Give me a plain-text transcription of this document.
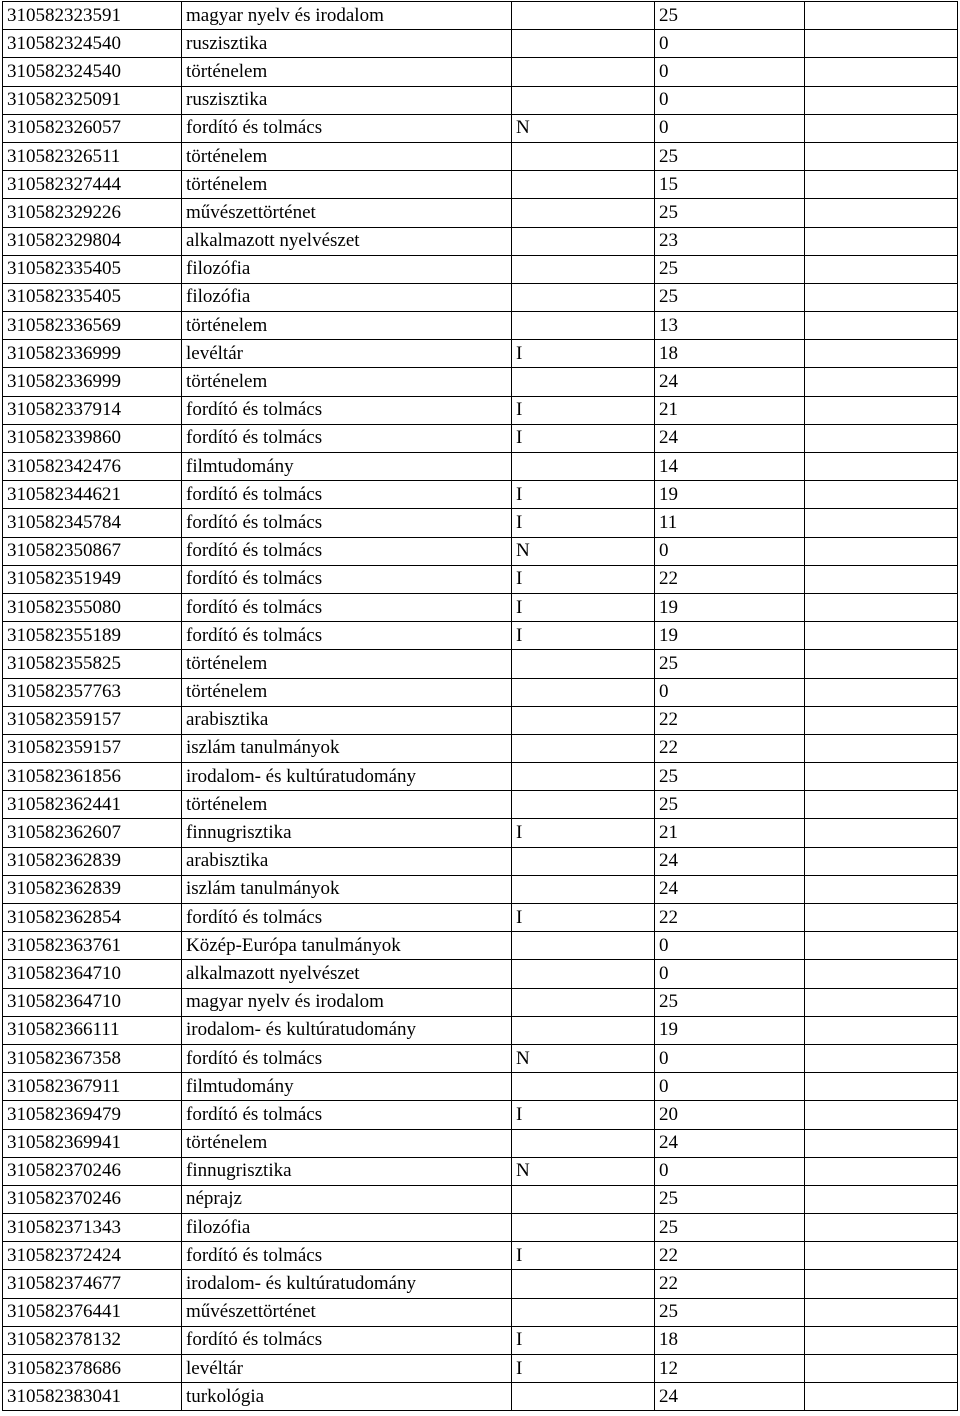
310582323591	magyar nyelv és irodalom		25	
310582324540	ruszisztika		0	
310582324540	történelem		0	
310582325091	ruszisztika		0	
310582326057	fordító és tolmács	N	0	
310582326511	történelem		25	
310582327444	történelem		15	
310582329226	művészettörténet		25	
310582329804	alkalmazott nyelvészet		23	
310582335405	filozófia		25	
310582335405	filozófia		25	
310582336569	történelem		13	
310582336999	levéltár	I	18	
310582336999	történelem		24	
310582337914	fordító és tolmács	I	21	
310582339860	fordító és tolmács	I	24	
310582342476	filmtudomány		14	
310582344621	fordító és tolmács	I	19	
310582345784	fordító és tolmács	I	11	
310582350867	fordító és tolmács	N	0	
310582351949	fordító és tolmács	I	22	
310582355080	fordító és tolmács	I	19	
310582355189	fordító és tolmács	I	19	
310582355825	történelem		25	
310582357763	történelem		0	
310582359157	arabisztika		22	
310582359157	iszlám tanulmányok		22	
310582361856	irodalom- és kultúratudomány		25	
310582362441	történelem		25	
310582362607	finnugrisztika	I	21	
310582362839	arabisztika		24	
310582362839	iszlám tanulmányok		24	
310582362854	fordító és tolmács	I	22	
310582363761	Közép-Európa tanulmányok		0	
310582364710	alkalmazott nyelvészet		0	
310582364710	magyar nyelv és irodalom		25	
310582366111	irodalom- és kultúratudomány		19	
310582367358	fordító és tolmács	N	0	
310582367911	filmtudomány		0	
310582369479	fordító és tolmács	I	20	
310582369941	történelem		24	
310582370246	finnugrisztika	N	0	
310582370246	néprajz		25	
310582371343	filozófia		25	
310582372424	fordító és tolmács	I	22	
310582374677	irodalom- és kultúratudomány		22	
310582376441	művészettörténet		25	
310582378132	fordító és tolmács	I	18	
310582378686	levéltár	I	12	
310582383041	turkológia		24	
